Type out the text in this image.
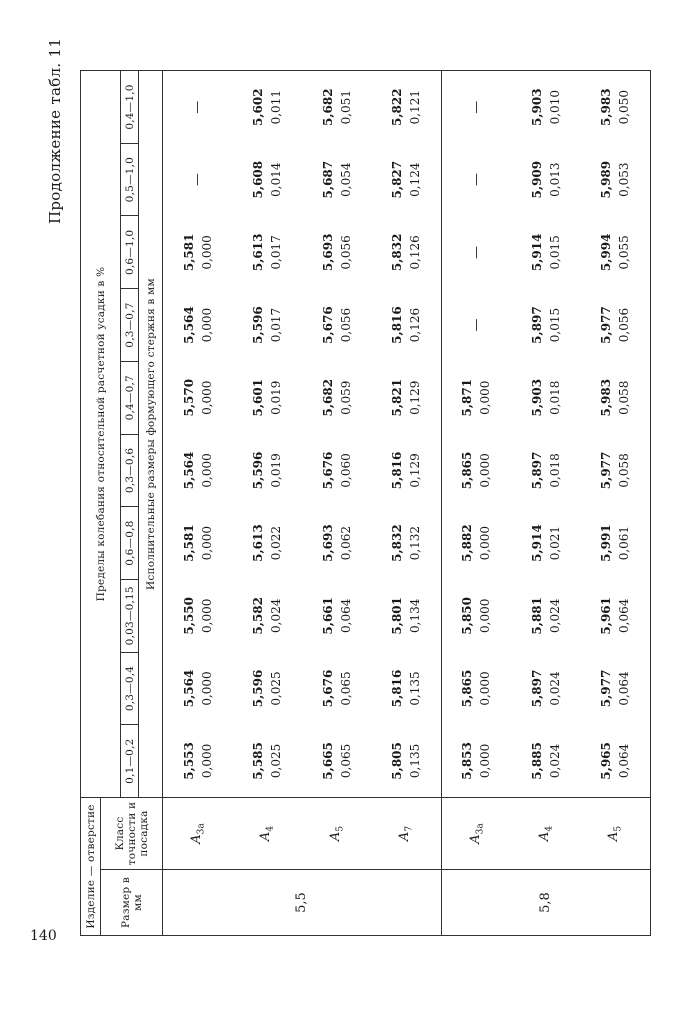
140
Продолжение табл. 11
Изделие — отверстие		Пределы колебания относительной расчетной усадки в %									
Размер в мм	Класс точности и посадка										
		0,1—0,2	0,3—0,4	0,03—0,15	0,6—0,8	0,3—0,6	0,4—0,7	0,3—0,7	0,6—1,0	0,5—1,0	0,4—1,0
		Исполнительные размеры формующего стержня в мм									
5,5	$A_{3а}$	5,553 0,000	5,564 0,000	5,550 0,000	5,581 0,000	5,564 0,000	5,570 0,000	5,564 0,000	5,581 0,000	—	—
	$A_4$	5,585 0,025	5,596 0,025	5,582 0,024	5,613 0,022	5,596 0,019	5,601 0,019	5,596 0,017	5,613 0,017	5,608 0,014	5,602 0,011

	$A_5$	5,665 0,065	5,676 0,065	5,661 0,064	5,693 0,062	5,676 0,060	5,682 0,059	5,676 0,056	5,693 0,056	5,687 0,054	5,682 0,051

	$A_7$	5,805 0,135	5,816 0,135	5,801 0,134	5,832 0,132	5,816 0,129	5,821 0,129	5,816 0,126	5,832 0,126	5,827 0,124	5,822 0,121

5,8	$A_{3а}$	5,853 0,000	5,865 0,000	5,850 0,000	5,882 0,000	5,865 0,000	5,871 0,000	—	—	—	—
	$A_4$	5,885 0,024	5,897 0,024	5,881 0,024	5,914 0,021	5,897 0,018	5,903 0,018	5,897 0,015	5,914 0,015	5,909 0,013	5,903 0,010

	$A_5$	5,965 0,064	5,977 0,064	5,961 0,064	5,991 0,061	5,977 0,058	5,983 0,058	5,977 0,056	5,994 0,055	5,989 0,053	5,983 0,050
